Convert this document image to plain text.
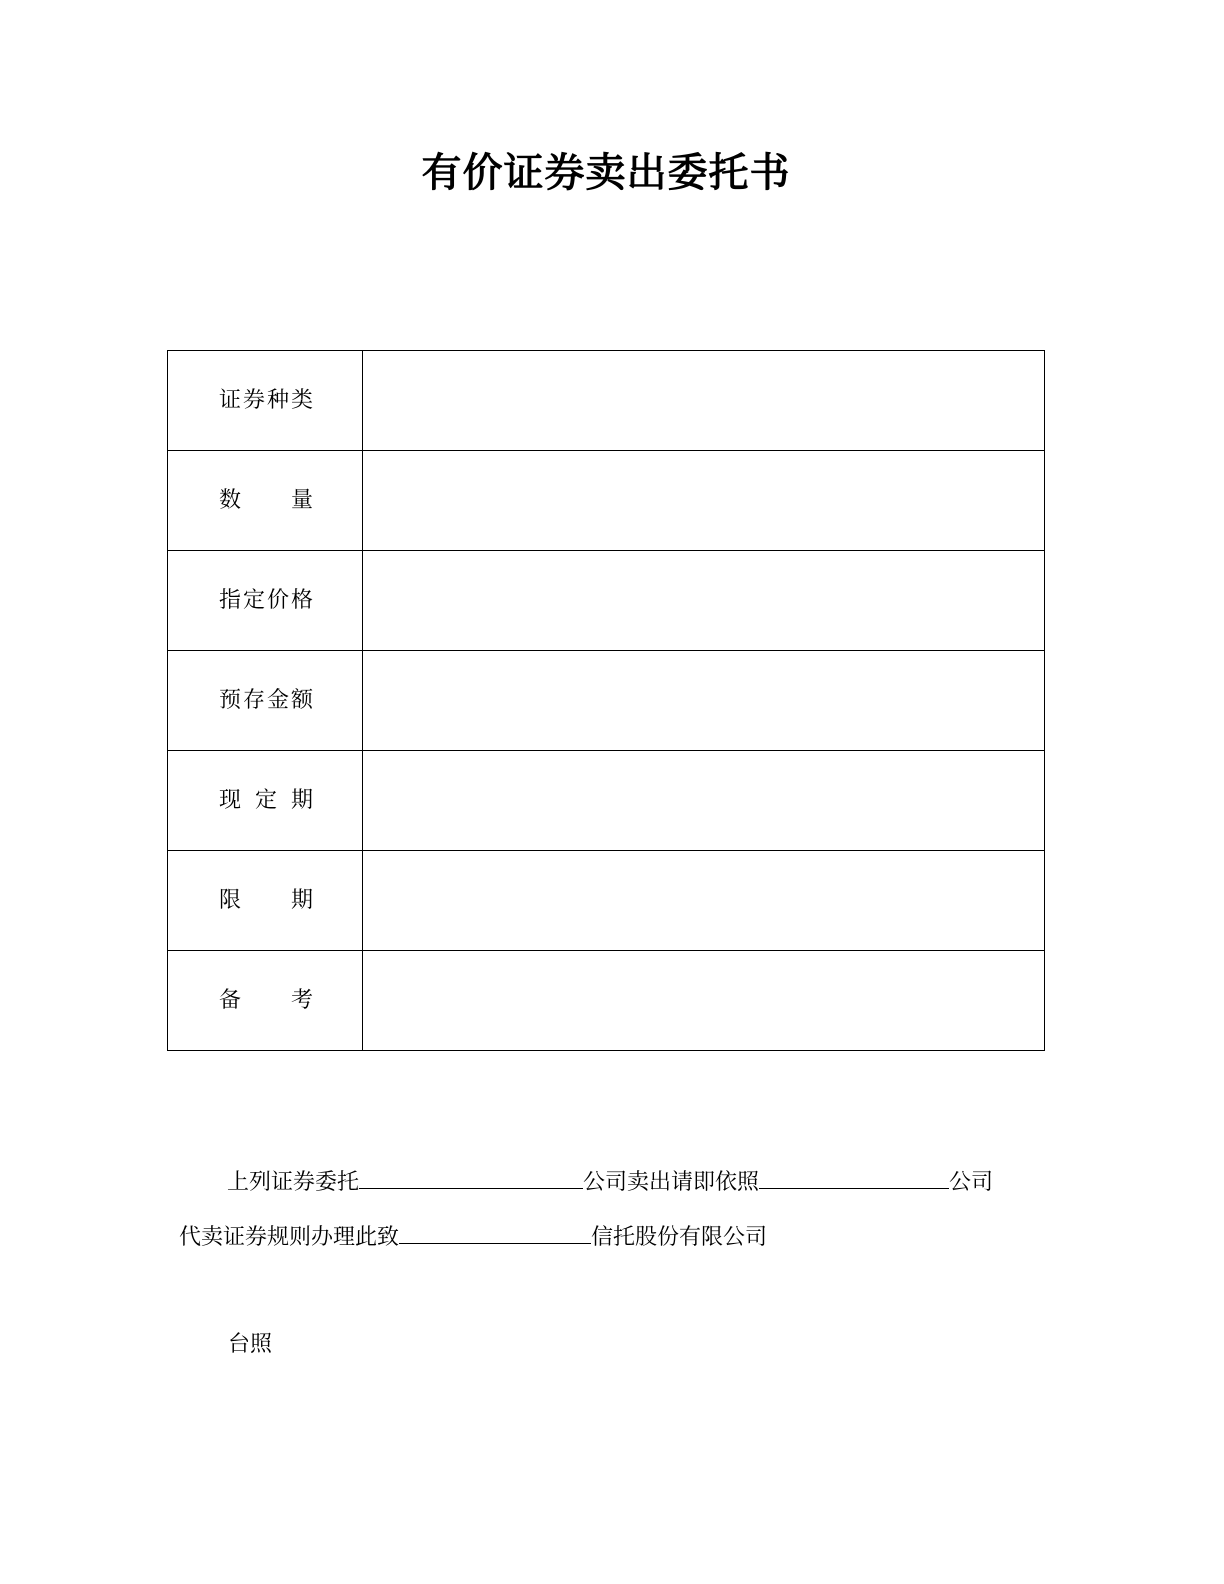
有价证券卖出委托书
证券种类	

数　　量	

指定价格	

预存金额	

现 定 期	

限　　期	

备　　考	

上列证券委托	公司卖出请即依照	公司
代卖证券规则办理此致	信托股份有限公司
台照
